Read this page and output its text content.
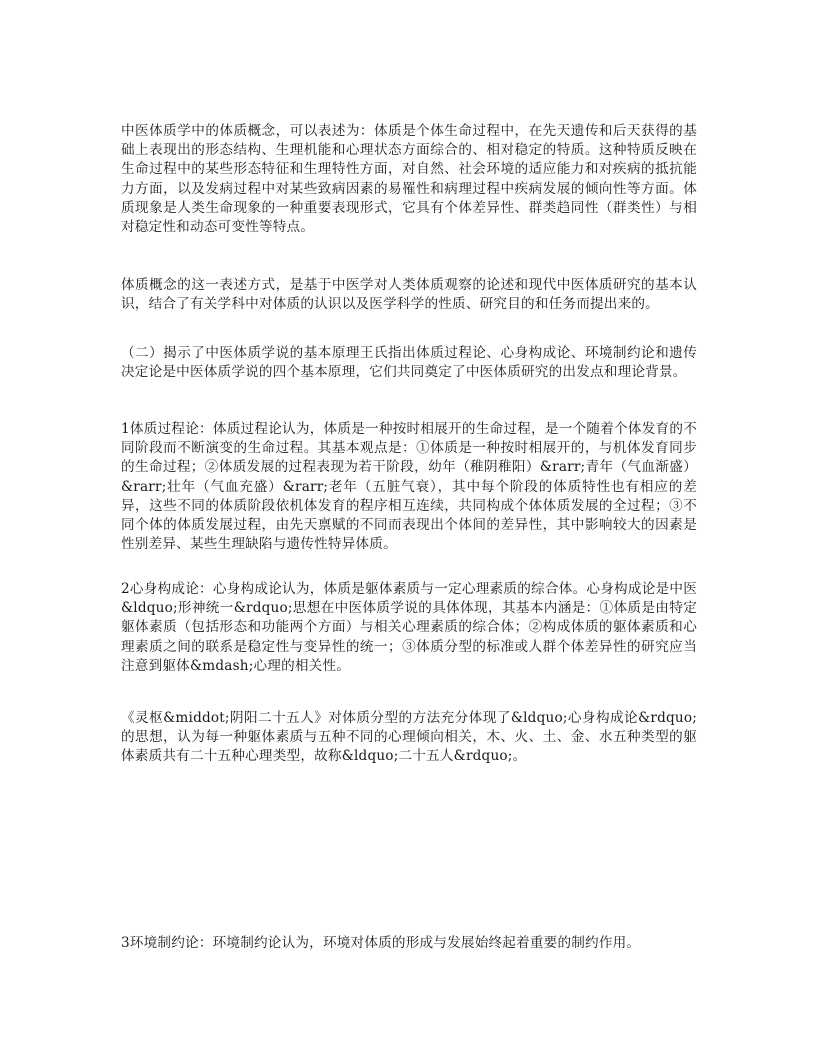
中医体质学中的体质概念，可以表述为：体质是个体生命过程中，在先天遗传和后天获得的基础上表现出的形态结构、生理机能和心理状态方面综合的、相对稳定的特质。这种特质反映在生命过程中的某些形态特征和生理特性方面，对自然、社会环境的适应能力和对疾病的抵抗能力方面，以及发病过程中对某些致病因素的易罹性和病理过程中疾病发展的倾向性等方面。体质现象是人类生命现象的一种重要表现形式，它具有个体差异性、群类趋同性（群类性）与相对稳定性和动态可变性等特点。

体质概念的这一表述方式，是基于中医学对人类体质观察的论述和现代中医体质研究的基本认识，结合了有关学科中对体质的认识以及医学科学的性质、研究目的和任务而提出来的。

（二）揭示了中医体质学说的基本原理王氏指出体质过程论、心身构成论、环境制约论和遗传决定论是中医体质学说的四个基本原理，它们共同奠定了中医体质研究的出发点和理论背景。

1体质过程论：体质过程论认为，体质是一种按时相展开的生命过程，是一个随着个体发育的不同阶段而不断演变的生命过程。其基本观点是：①体质是一种按时相展开的，与机体发育同步的生命过程；②体质发展的过程表现为若干阶段，幼年（稚阴稚阳）&rarr;青年（气血渐盛）&rarr;壮年（气血充盛）&rarr;老年（五脏气衰），其中每个阶段的体质特性也有相应的差异，这些不同的体质阶段依机体发育的程序相互连续，共同构成个体体质发展的全过程；③不同个体的体质发展过程，由先天禀赋的不同而表现出个体间的差异性，其中影响较大的因素是性别差异、某些生理缺陷与遗传性特异体质。

2心身构成论：心身构成论认为，体质是躯体素质与一定心理素质的综合体。心身构成论是中医&ldquo;形神统一&rdquo;思想在中医体质学说的具体体现，其基本内涵是：①体质是由特定躯体素质（包括形态和功能两个方面）与相关心理素质的综合体；②构成体质的躯体素质和心理素质之间的联系是稳定性与变异性的统一；③体质分型的标准或人群个体差异性的研究应当注意到躯体&mdash;心理的相关性。

《灵枢&middot;阴阳二十五人》对体质分型的方法充分体现了&ldquo;心身构成论&rdquo;的思想，认为每一种躯体素质与五种不同的心理倾向相关，木、火、土、金、水五种类型的躯体素质共有二十五种心理类型，故称&ldquo;二十五人&rdquo;。

3环境制约论：环境制约论认为，环境对体质的形成与发展始终起着重要的制约作用。
